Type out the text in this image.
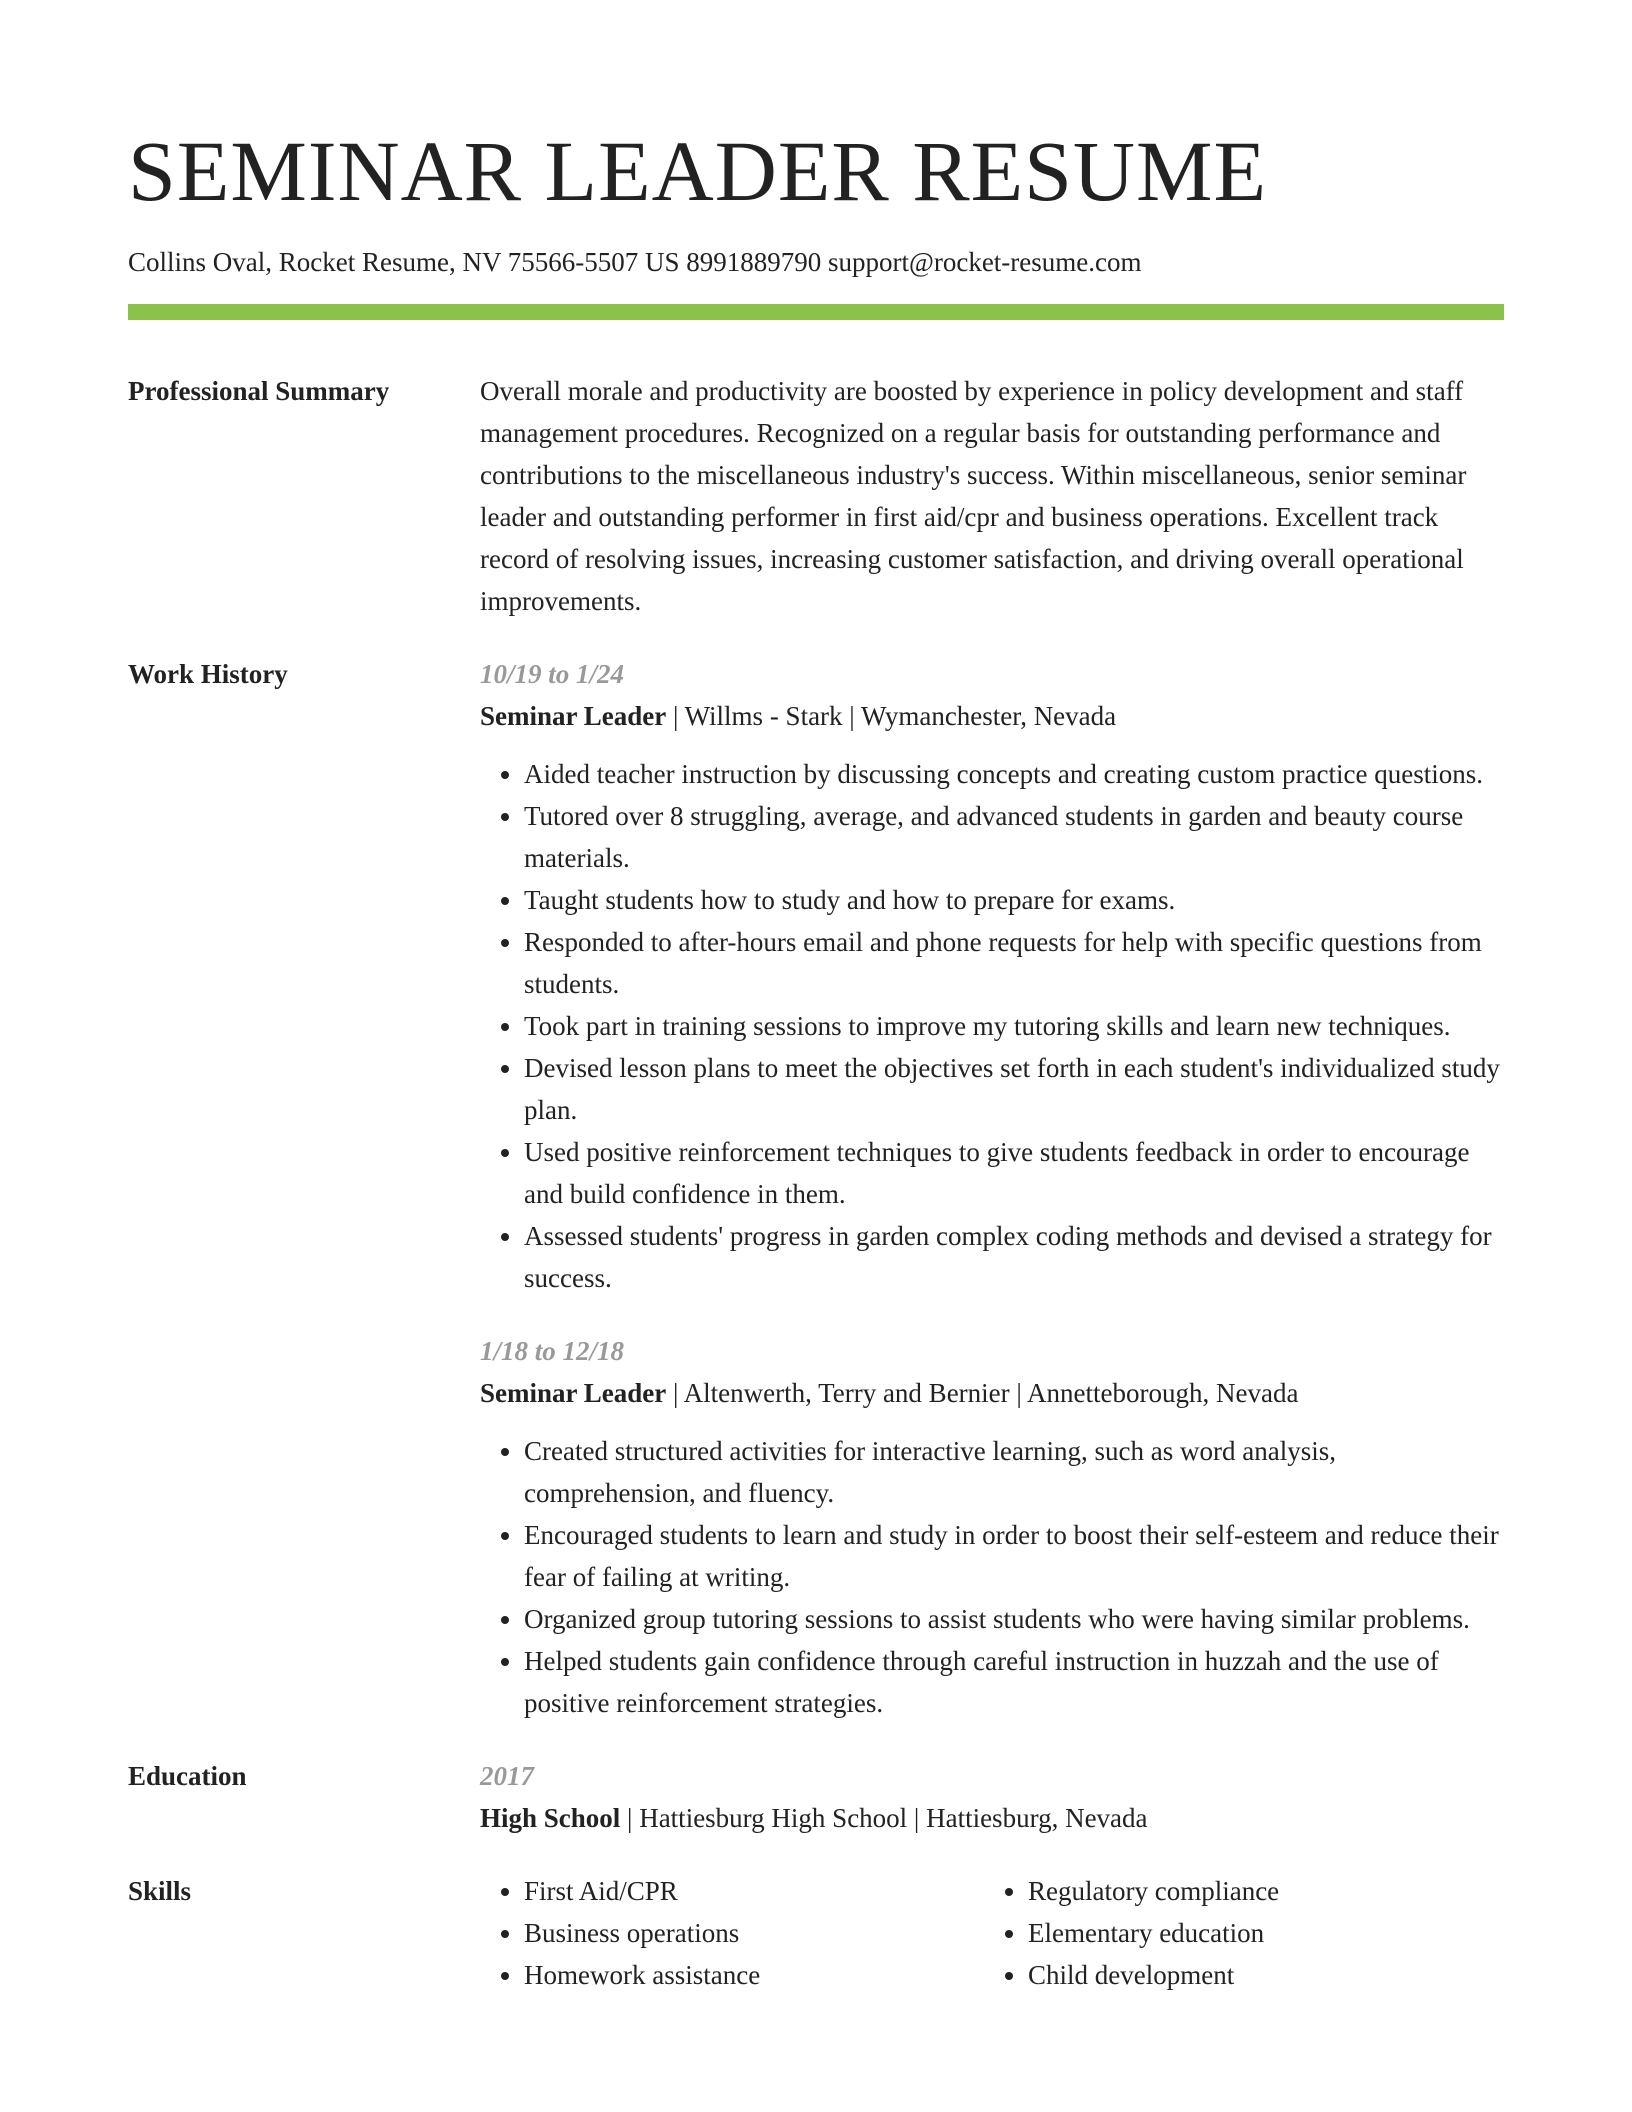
SEMINAR LEADER RESUME
Collins Oval, Rocket Resume, NV 75566-5507 US 8991889790 support@rocket-resume.com
Professional Summary	Overall morale and productivity are boosted by experience in policy development and staff management procedures. Recognized on a regular basis for outstanding performance and contributions to the miscellaneous industry's success. Within miscellaneous, senior seminar leader and outstanding performer in first aid/cpr and business operations. Excellent track record of resolving issues, increasing customer satisfaction, and driving overall operational improvements.

Work History	10/19 to 1/24
Seminar Leader | Willms - Stark | Wymanchester, Nevada
• Aided teacher instruction by discussing concepts and creating custom practice questions.
• Tutored over 8 struggling, average, and advanced students in garden and beauty course materials.
• Taught students how to study and how to prepare for exams.
• Responded to after-hours email and phone requests for help with specific questions from students.
• Took part in training sessions to improve my tutoring skills and learn new techniques.
• Devised lesson plans to meet the objectives set forth in each student's individualized study plan.
• Used positive reinforcement techniques to give students feedback in order to encourage and build confidence in them.
• Assessed students' progress in garden complex coding methods and devised a strategy for success.
1/18 to 12/18
Seminar Leader | Altenwerth, Terry and Bernier | Annetteborough, Nevada
• Created structured activities for interactive learning, such as word analysis, comprehension, and fluency.
• Encouraged students to learn and study in order to boost their self-esteem and reduce their fear of failing at writing.
• Organized group tutoring sessions to assist students who were having similar problems.
• Helped students gain confidence through careful instruction in huzzah and the use of positive reinforcement strategies.
Education	2017
High School | Hattiesburg High School | Hattiesburg, Nevada
Skills
•	First Aid/CPR
• Business operations
• Homework assistance
• Regulatory compliance
• Elementary education
• Child development
